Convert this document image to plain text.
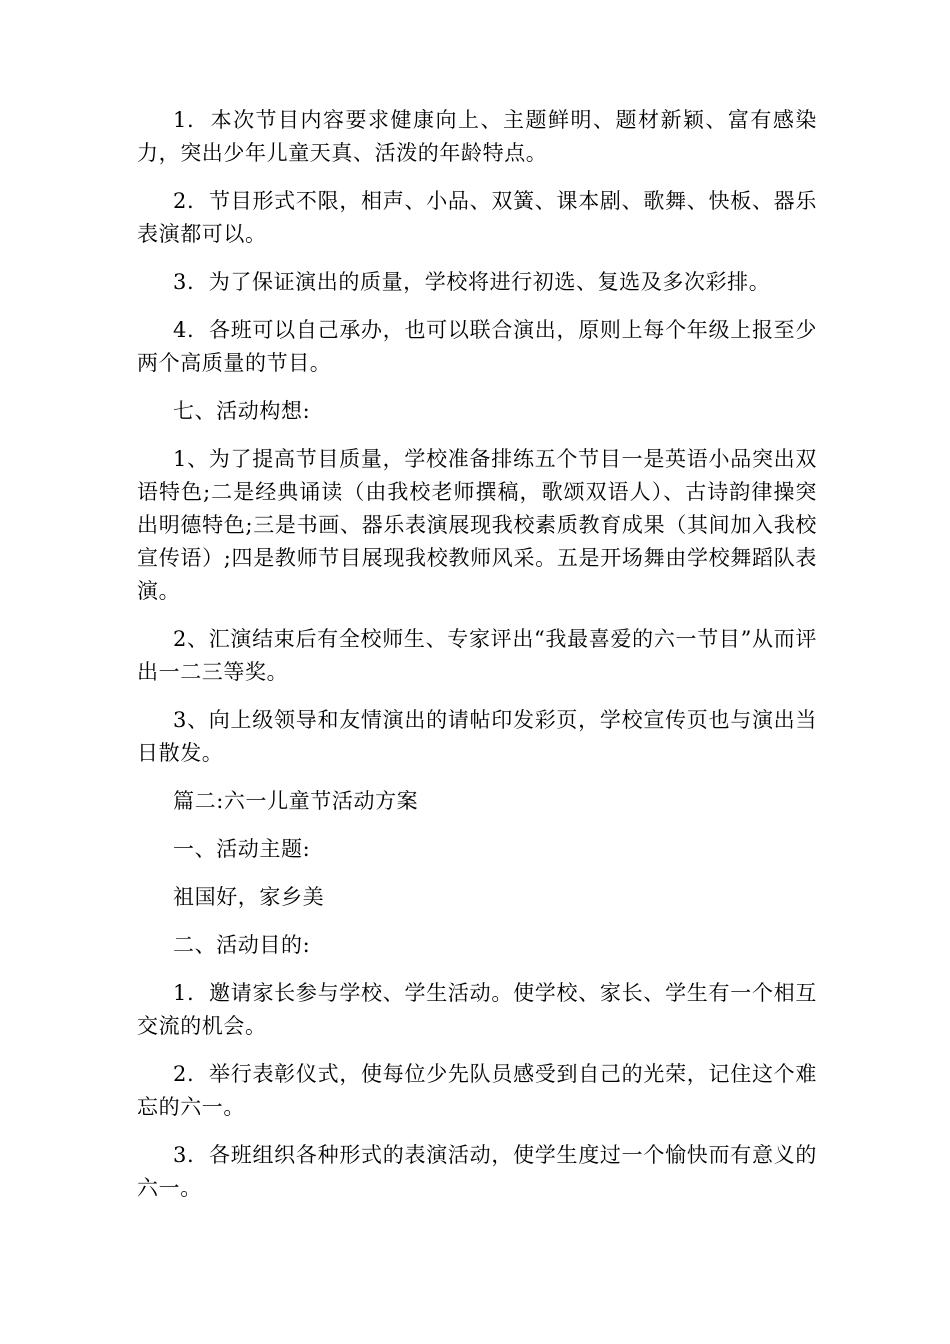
1.  本次节目内容要求健康向上、主题鲜明、题材新颖、富有感染力，突出少年儿童天真、活泼的年龄特点。

2.  节目形式不限，相声、小品、双簧、课本剧、歌舞、快板、器乐表演都可以。

3.  为了保证演出的质量，学校将进行初选、复选及多次彩排。

4.  各班可以自己承办，也可以联合演出，原则上每个年级上报至少两个高质量的节目。

七、活动构想:

1、为了提高节目质量，学校准备排练五个节目一是英语小品突出双语特色;二是经典诵读（由我校老师撰稿，歌颂双语人）、古诗韵律操突出明德特色;三是书画、器乐表演展现我校素质教育成果（其间加入我校宣传语）;四是教师节目展现我校教师风采。五是开场舞由学校舞蹈队表演。

2、汇演结束后有全校师生、专家评出“我最喜爱的六一节目”从而评出一二三等奖。

3、向上级领导和友情演出的请帖印发彩页，学校宣传页也与演出当日散发。

篇二:六一儿童节活动方案

一、活动主题:

祖国好，家乡美

二、活动目的:

1.  邀请家长参与学校、学生活动。使学校、家长、学生有一个相互交流的机会。

2.  举行表彰仪式，使每位少先队员感受到自己的光荣，记住这个难忘的六一。

3.  各班组织各种形式的表演活动，使学生度过一个愉快而有意义的六一。
